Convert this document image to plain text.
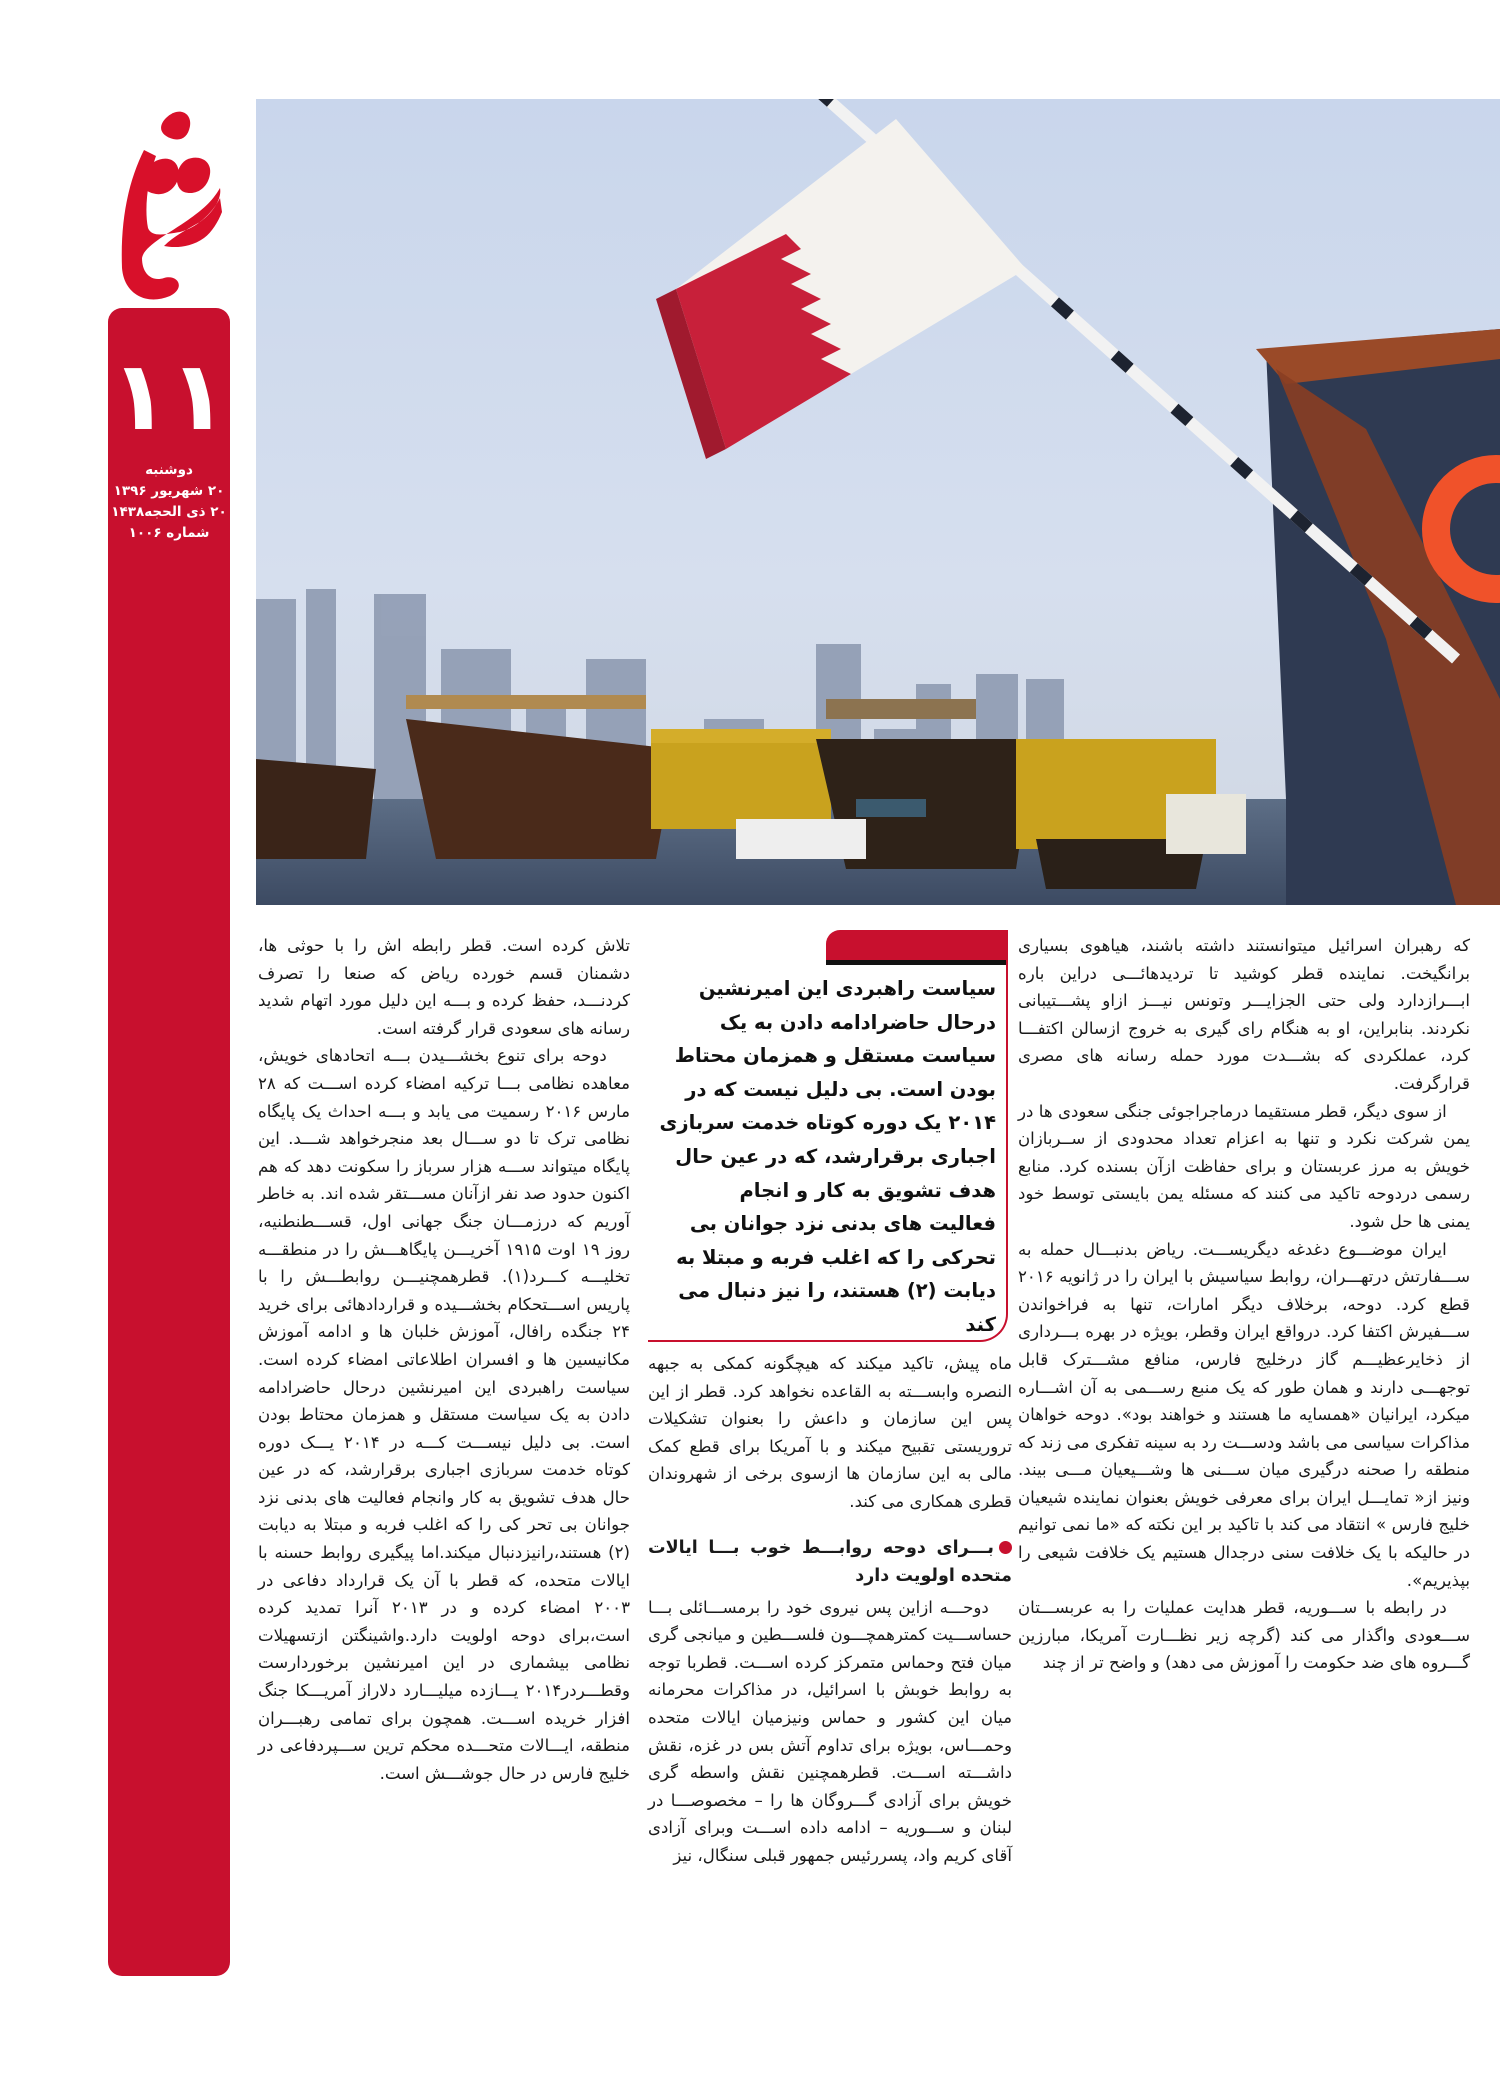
۱۱
دوشنبه
۲۰ شهریور ۱۳۹۶
۲۰ ذی الحجه۱۴۳۸
شماره ۱۰۰۶

که رهبران اسرائیل میتوانستند داشته باشند، هیاهوی بسیاری برانگیخت. نماینده قطر کوشید تا تردیدهائـــی دراین باره ابـــرازدارد ولی حتی الجزایـــر وتونس نیـــز ازاو پشـــتیبانی نکردند. بنابراین، او به هنگام رای گیری به خروج ازسالن اکتفـــا کرد، عملکردی که بشـــدت مورد حمله رسانه های مصری قرارگرفت.

از سوی دیگر، قطر مستقیما درماجراجوئی جنگی سعودی ها در یمن شرکت نکرد و تنها به اعزام تعداد محدودی از ســربازان خویش به مرز عربستان و برای حفاظت ازآن بسنده کرد. منابع رسمی دردوحه تاکید می کنند که مسئله یمن بایستی توسط خود یمنی ها حل شود.

ایران موضـــوع دغدغه دیگریســـت. ریاض بدنبـــال حمله به ســـفارتش درتهـــران، روابط سیاسیش با ایران را در ژانویه ۲۰۱۶ قطع کرد. دوحه، برخلاف دیگر امارات، تنها به فراخواندن ســـفیرش اکتفا کرد. درواقع ایران وقطر، بویژه در بهره بـــرداری از ذخایرعظیـــم گاز درخلیج فارس، منافع مشـــترک قابل توجهـــی دارند و همان طور که یک منبع رســـمی به آن اشـــاره میکرد، ایرانیان «همسایه ما هستند و خواهند بود». دوحه خواهان مذاکرات سیاسی می باشد ودســـت رد به سینه تفکری می زند که منطقه را صحنه درگیری میان ســـنی ها وشـــیعیان مـــی بیند. ونیز از« تمایـــل ایران برای معرفی خویش بعنوان نماینده شیعیان خلیج فارس » انتقاد می کند با تاکید بر این نکته که «ما نمی توانیم در حالیکه با یک خلافت سنی درجدال هستیم یک خلافت شیعی را بپذیریم».

در رابطه با ســـوریه، قطر هدایت عملیات را به عربســـتان ســـعودی واگذار می کند (گرچه زیر نظـــارت آمریکا، مبارزین گـــروه های ضد حکومت را آموزش می دهد) و واضح تر از چند

سیاست راهبردی این امیرنشین
درحال حاضرادامه دادن به یک
سیاست مستقل و همزمان محتاط
بودن است. بی دلیل نیست که در
۲۰۱۴ یک دوره کوتاه خدمت سربازی
اجباری برقرارشد، که در عین حال
هدف تشویق به کار و انجام
فعالیت های بدنی نزد جوانان بی
تحرکی را که اغلب فربه و مبتلا به
دیابت (۲) هستند، را نیز دنبال می کند

ماه پیش، تاکید میکند که هیچگونه کمکی به جبهه النصره وابســـته به القاعده نخواهد کرد. قطر از این پس این سازمان و داعش را بعنوان تشکیلات تروریستی تقبیح میکند و با آمریکا برای قطع کمک مالی به این سازمان ها ازسوی برخی از شهروندان قطری همکاری می کند.

بـــرای دوحه روابـــط خوب بـــا ایالات متحده اولویت دارد

دوحـــه ازاین پس نیروی خود را برمســـائلی بـــا حساســـیت کمترهمچـــون فلســـطین و میانجی گری میان فتح وحماس متمرکز کرده اســـت. قطربا توجه به روابط خوبش با اسرائیل، در مذاکرات محرمانه میان این کشور و حماس ونیزمیان ایالات متحده وحمـــاس، بویژه برای تداوم آتش بس در غزه، نقش داشـــته اســـت. قطرهمچنین نقش واسطه گری خویش برای آزادی گـــروگان ها را – مخصوصـــا در لبنان و ســـوریه – ادامه داده اســـت وبرای آزادی آقای کریم واد، پسررئیس جمهور قبلی سنگال، نیز

تلاش کرده است. قطر رابطه اش را با حوثی ها، دشمنان قسم خورده ریاض که صنعا را تصرف کردنـــد، حفظ کرده و بـــه این دلیل مورد اتهام شدید رسانه های سعودی قرار گرفته است.

دوحه برای تنوع بخشـــیدن بـــه اتحادهای خویش، معاهده نظامی بـــا ترکیه امضاء کرده اســـت که ۲۸ مارس ۲۰۱۶ رسمیت می یابد و بـــه احداث یک پایگاه نظامی ترک تا دو ســـال بعد منجرخواهد شـــد. این پایگاه میتواند ســـه هزار سرباز را سکونت دهد که هم اکنون حدود صد نفر ازآنان مســـتقر شده اند. به خاطر آوریم که درزمـــان جنگ جهانی اول، قســـطنطنیه، روز ۱۹ اوت ۱۹۱۵ آخریـــن پایگاهـــش را در منطقـــه تخلیـــه کـــرد(۱). قطرهمچنیـــن روابطـــش را با پاریس اســـتحکام بخشـــیده و قراردادهائی برای خرید ۲۴ جنگده رافال، آموزش خلبان ها و ادامه آموزش مکانیسین ها و افسران اطلاعاتی امضاء کرده است. سیاست راهبردی این امیرنشین درحال حاضرادامه دادن به یک سیاست مستقل و همزمان محتاط بودن است. بی دلیل نیســـت کـــه در ۲۰۱۴ یـــک دوره کوتاه خدمت سربازی اجباری برقرارشد، که در عین حال هدف تشویق به کار وانجام فعالیت های بدنی نزد جوانان بی تحر کی را که اغلب فربه و مبتلا به دیابت (۲) هستند،رانیزدنبال میکند.اما پیگیری روابط حسنه با ایالات متحده، که قطر با آن یک قرارداد دفاعی در ۲۰۰۳ امضاء کرده و در ۲۰۱۳ آنرا تمدید کرده است،برای دوحه اولویت دارد.واشینگتن ازتسهیلات نظامی بیشماری در این امیرنشین برخوردارست وقطـــردر۲۰۱۴ یـــازده میلیـــارد دلاراز آمریـــکا جنگ افزار خریده اســـت. همچون برای تمامی رهبـــران منطقه، ایـــالات متحـــده محکم ترین ســـپردفاعی در خلیج فارس در حال جوشـــش است.
